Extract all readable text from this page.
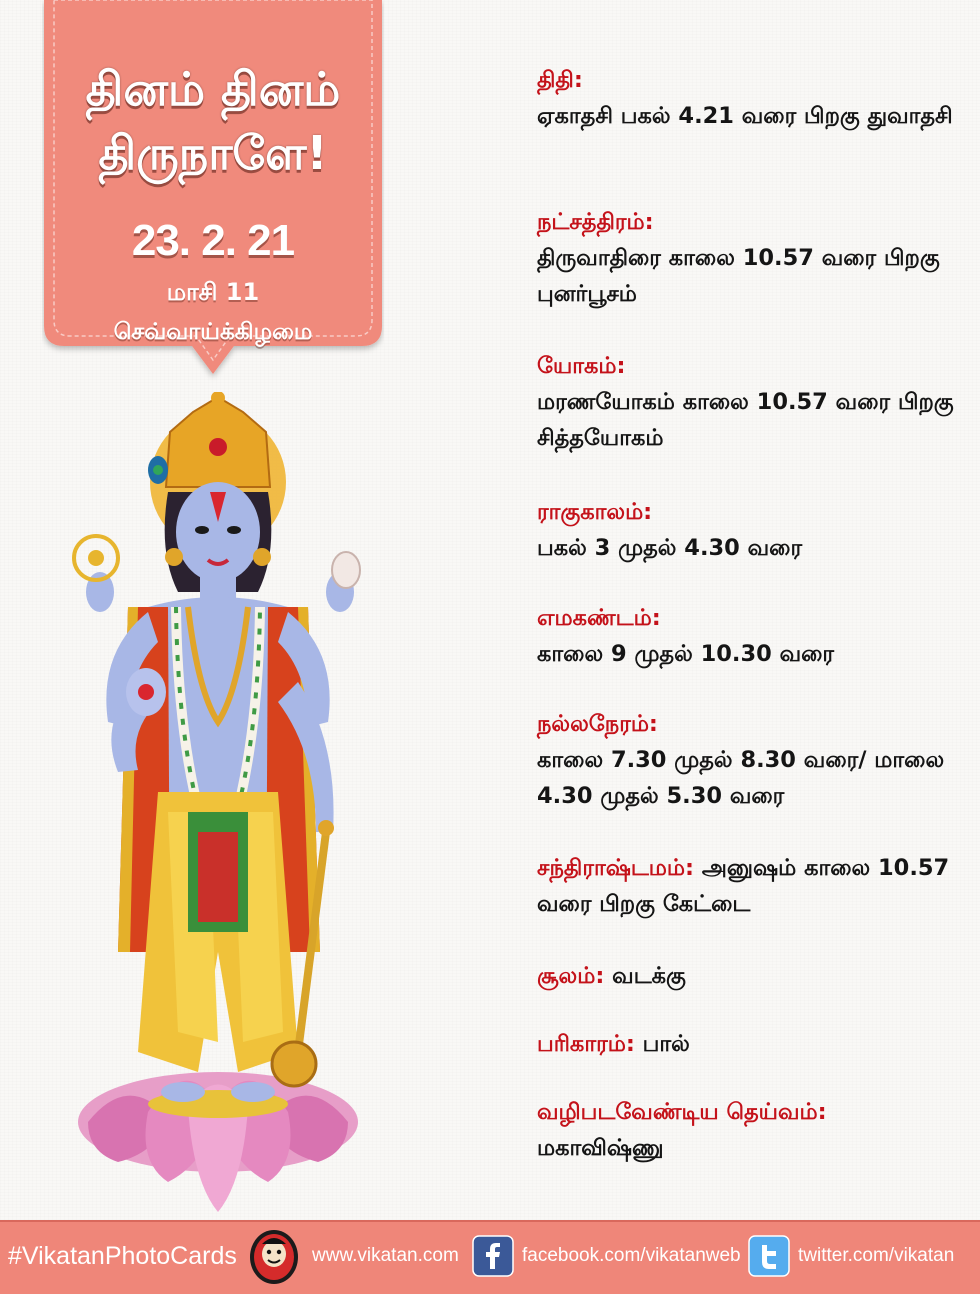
தினம் தினம்
திருநாளே!
23. 2. 21
மாசி 11
செவ்வாய்க்கிழமை
திதி:
ஏகாதசி பகல் 4.21 வரை பிறகு துவாதசி
நட்சத்திரம்:
திருவாதிரை காலை 10.57 வரை பிறகு புனர்பூசம்
யோகம்:
மரணயோகம் காலை 10.57 வரை பிறகு சித்தயோகம்
ராகுகாலம்:
பகல் 3 முதல் 4.30 வரை
எமகண்டம்:
காலை 9 முதல் 10.30 வரை
நல்லநேரம்:
காலை 7.30 முதல் 8.30 வரை/ மாலை 4.30 முதல் 5.30 வரை
சந்திராஷ்டமம்: அனுஷம் காலை 10.57 வரை பிறகு கேட்டை
சூலம்: வடக்கு
பரிகாரம்: பால்
வழிபடவேண்டிய தெய்வம்:
மகாவிஷ்ணு
#VikatanPhotoCards	www.vikatan.com	facebook.com/vikatanweb	twitter.com/vikatan
